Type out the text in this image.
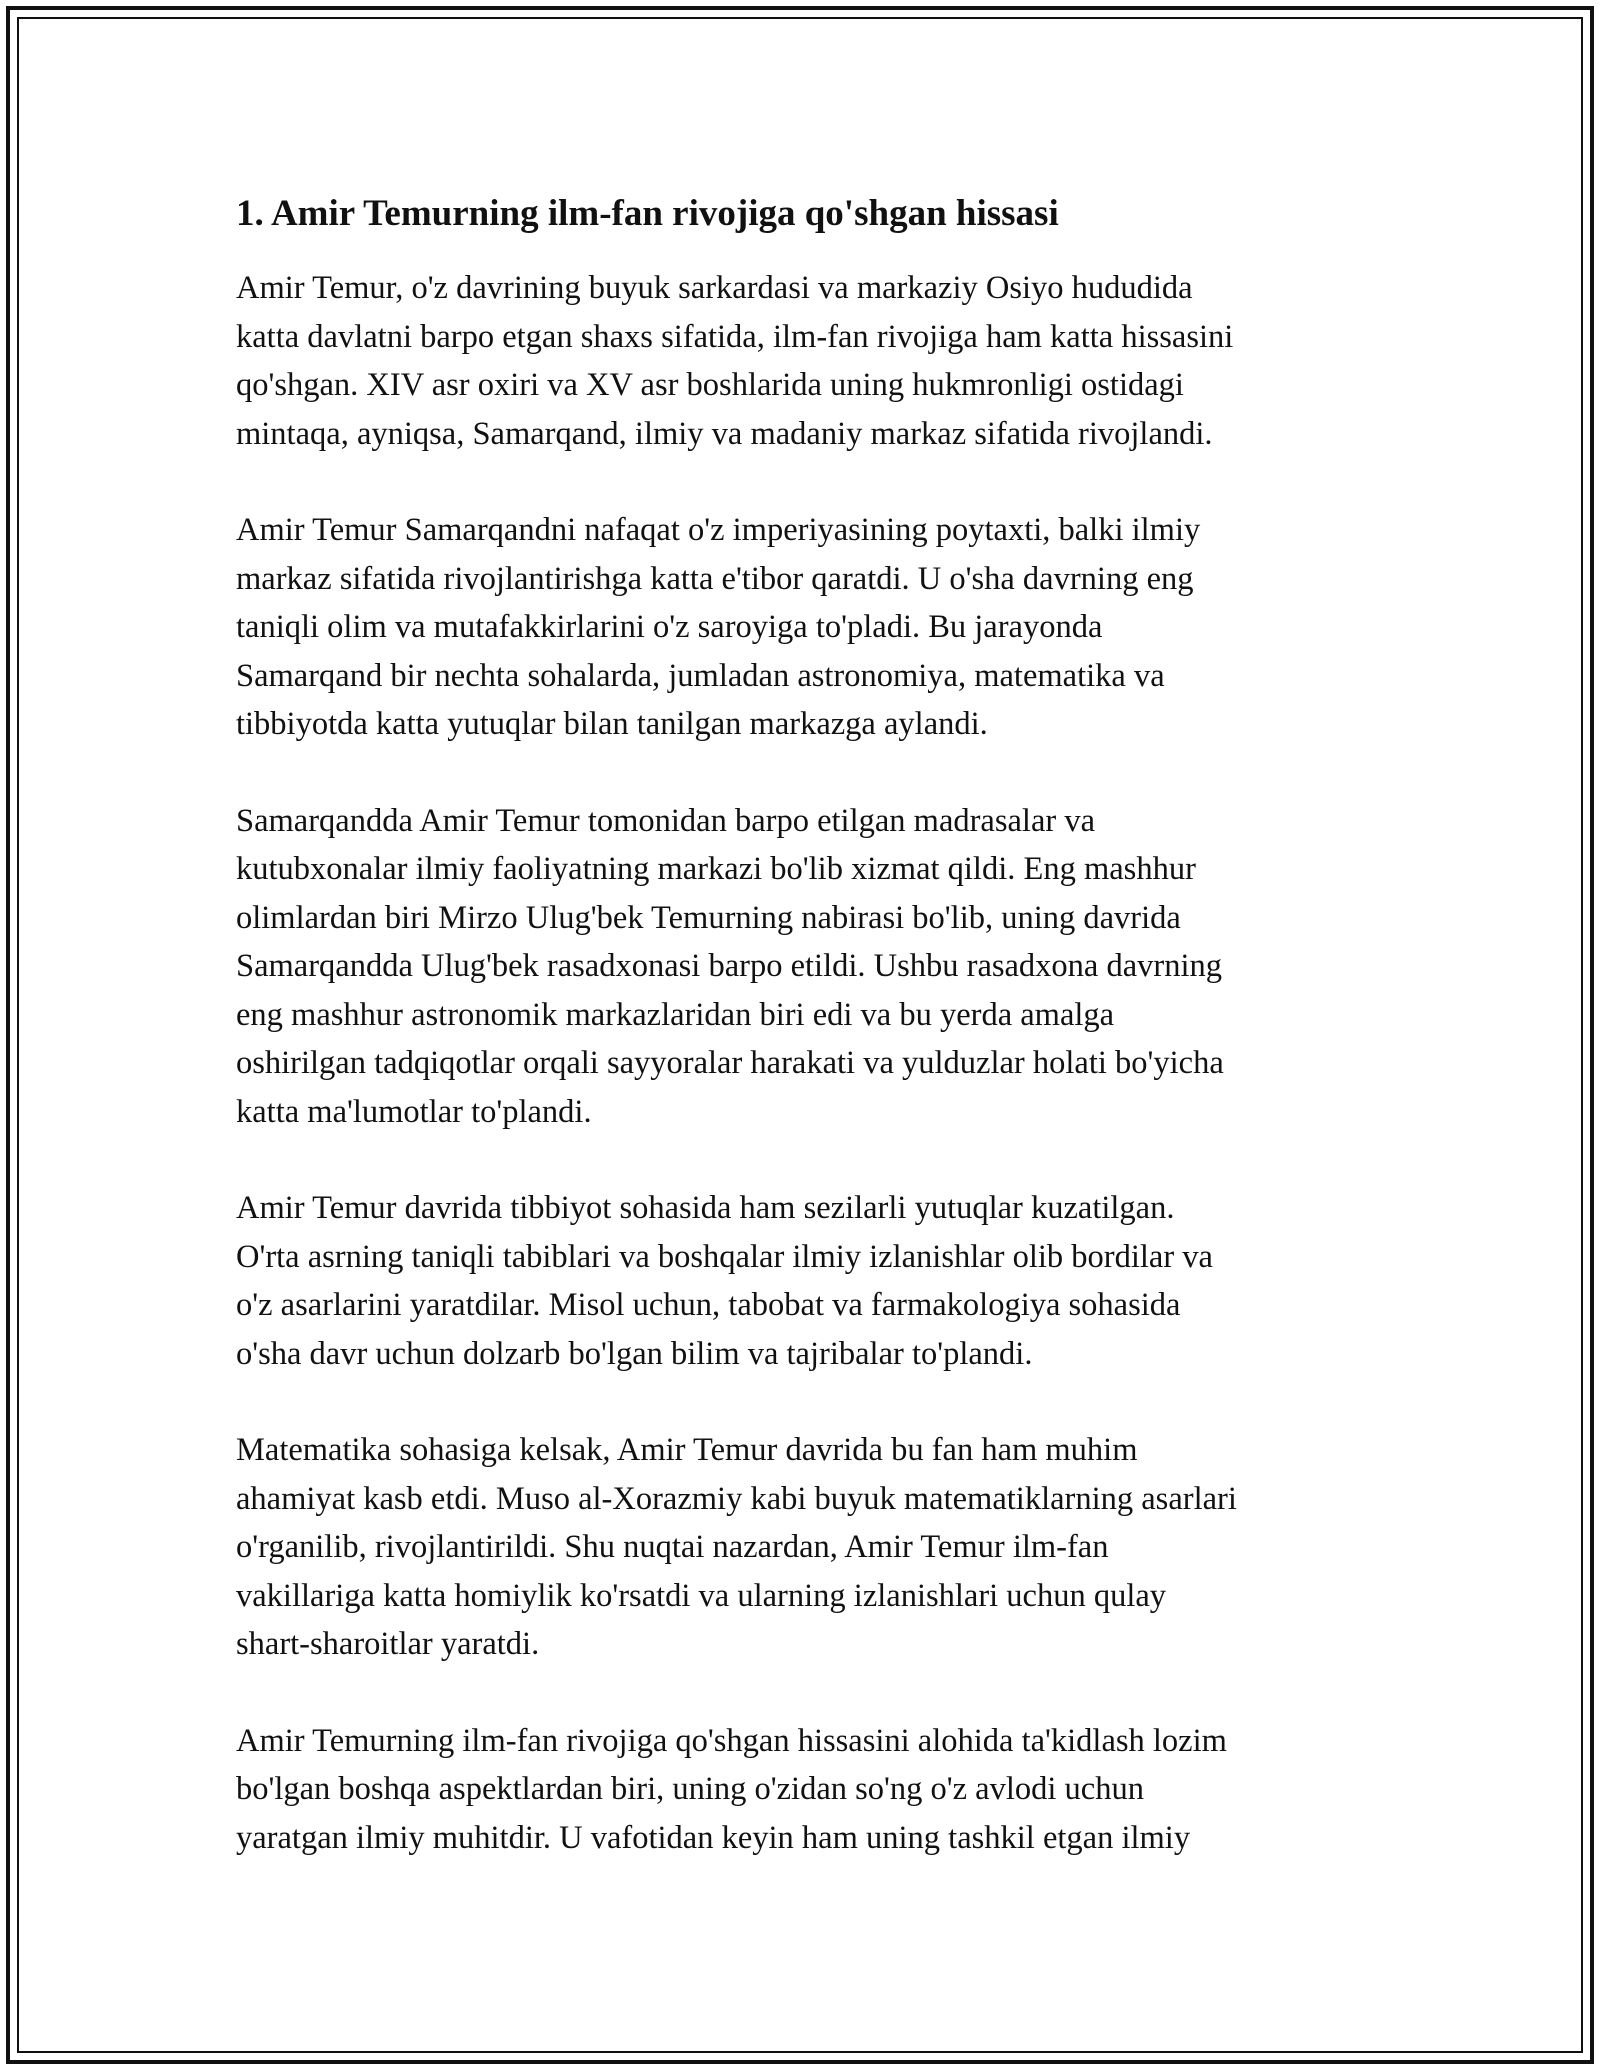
1. Amir Temurning ilm-fan rivojiga qo'shgan hissasi

Amir Temur, o'z davrining buyuk sarkardasi va markaziy Osiyo hududida
katta davlatni barpo etgan shaxs sifatida, ilm-fan rivojiga ham katta hissasini
qo'shgan. XIV asr oxiri va XV asr boshlarida uning hukmronligi ostidagi
mintaqa, ayniqsa, Samarqand, ilmiy va madaniy markaz sifatida rivojlandi.

Amir Temur Samarqandni nafaqat o'z imperiyasining poytaxti, balki ilmiy
markaz sifatida rivojlantirishga katta e'tibor qaratdi. U o'sha davrning eng
taniqli olim va mutafakkirlarini o'z saroyiga to'pladi. Bu jarayonda
Samarqand bir nechta sohalarda, jumladan astronomiya, matematika va
tibbiyotda katta yutuqlar bilan tanilgan markazga aylandi.

Samarqandda Amir Temur tomonidan barpo etilgan madrasalar va
kutubxonalar ilmiy faoliyatning markazi bo'lib xizmat qildi. Eng mashhur
olimlardan biri Mirzo Ulug'bek Temurning nabirasi bo'lib, uning davrida
Samarqandda Ulug'bek rasadxonasi barpo etildi. Ushbu rasadxona davrning
eng mashhur astronomik markazlaridan biri edi va bu yerda amalga
oshirilgan tadqiqotlar orqali sayyoralar harakati va yulduzlar holati bo'yicha
katta ma'lumotlar to'plandi.

Amir Temur davrida tibbiyot sohasida ham sezilarli yutuqlar kuzatilgan.
O'rta asrning taniqli tabiblari va boshqalar ilmiy izlanishlar olib bordilar va
o'z asarlarini yaratdilar. Misol uchun, tabobat va farmakologiya sohasida
o'sha davr uchun dolzarb bo'lgan bilim va tajribalar to'plandi.

Matematika sohasiga kelsak, Amir Temur davrida bu fan ham muhim
ahamiyat kasb etdi. Muso al-Xorazmiy kabi buyuk matematiklarning asarlari
o'rganilib, rivojlantirildi. Shu nuqtai nazardan, Amir Temur ilm-fan
vakillariga katta homiylik ko'rsatdi va ularning izlanishlari uchun qulay
shart-sharoitlar yaratdi.

Amir Temurning ilm-fan rivojiga qo'shgan hissasini alohida ta'kidlash lozim
bo'lgan boshqa aspektlardan biri, uning o'zidan so'ng o'z avlodi uchun
yaratgan ilmiy muhitdir. U vafotidan keyin ham uning tashkil etgan ilmiy
